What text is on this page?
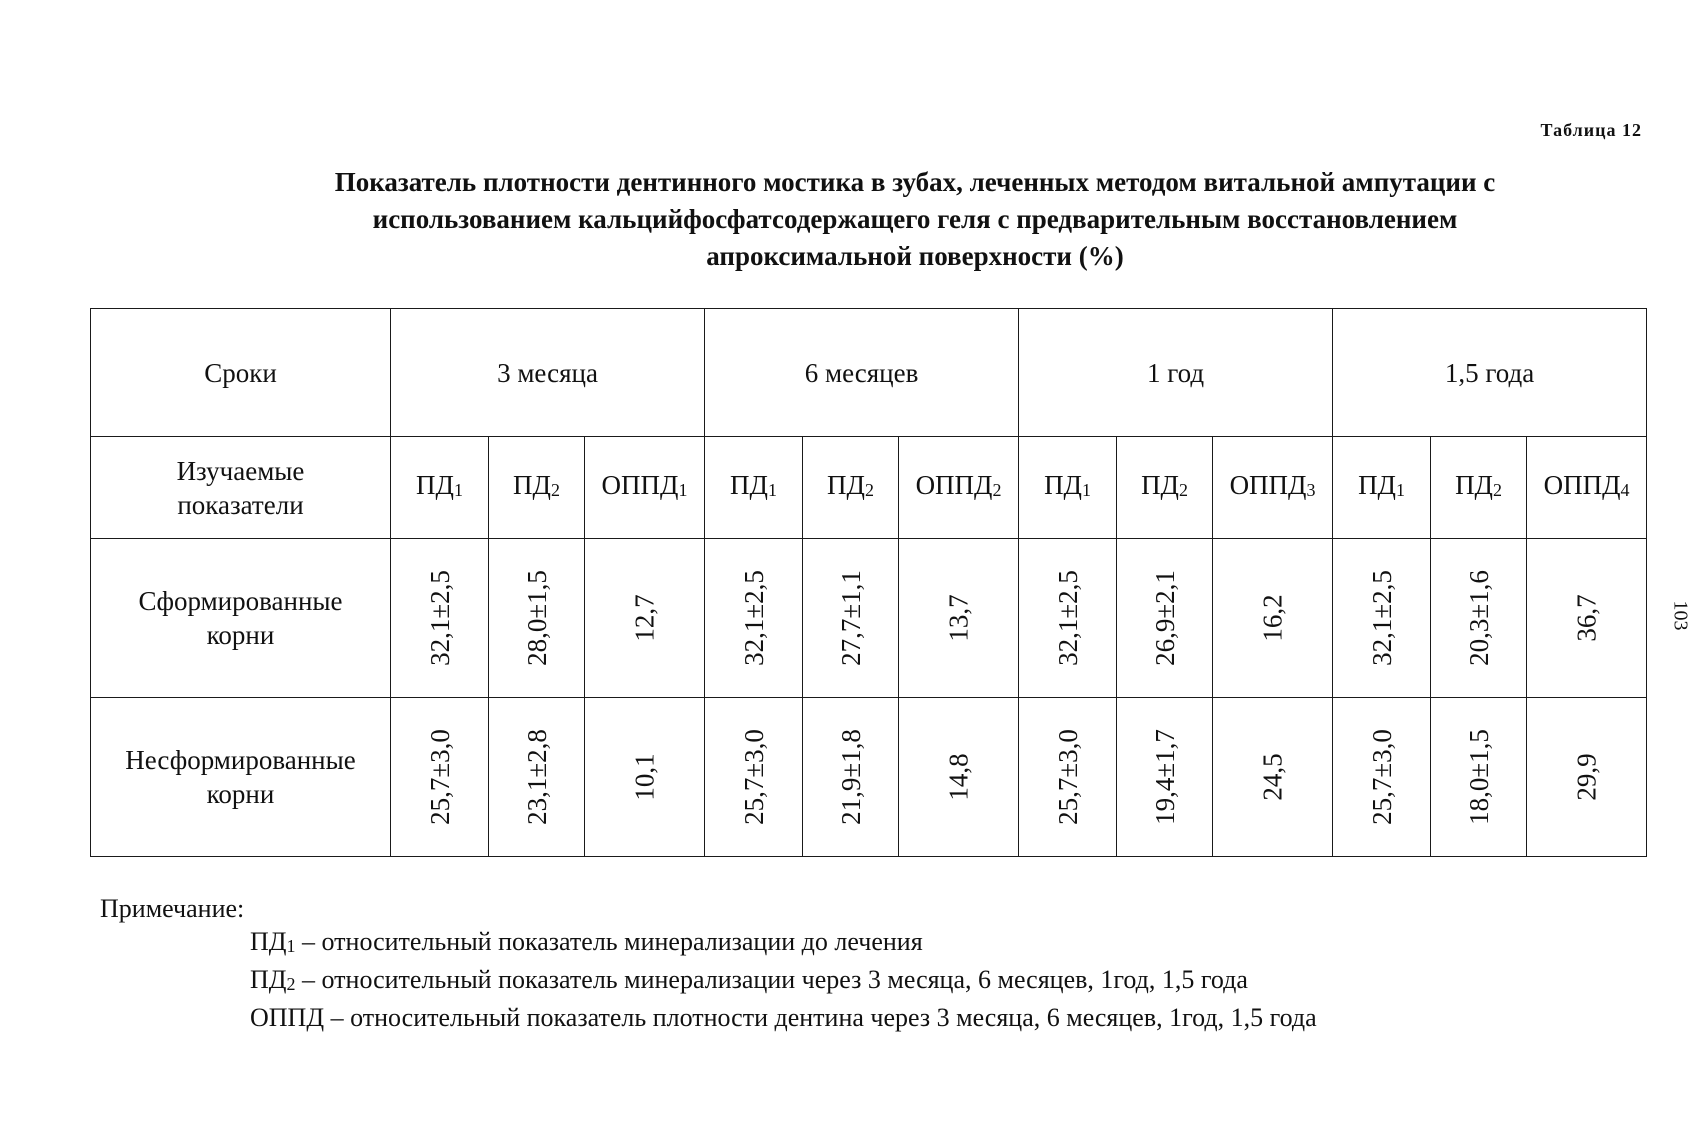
Таблица 12
Показатель плотности дентинного мостика в зубах, леченных методом витальной ампутации с
использованием кальцийфосфатсодержащего геля с предварительным восстановлением
апроксимальной поверхности (%)
Сроки	3 месяца			6 месяцев			1 год			1,5 года		
Изучаемые показатели	$ПД_1$	$ПД_2$	$ОППД_1$	$ПД_1$	$ПД_2$	$ОППД_2$	$ПД_1$	$ПД_2$	$ОППД_3$	$ПД_1$	$ПД_2$	$ОППД_4$
Сформированные корни	32,1±2,5	28,0±1,5	12,7	32,1±2,5	27,7±1,1	13,7	32,1±2,5	26,9±2,1	16,2	32,1±2,5	20,3±1,6	36,7
Несформированные корни	25,7±3,0	23,1±2,8	10,1	25,7±3,0	21,9±1,8	14,8	25,7±3,0	19,4±1,7	24,5	25,7±3,0	18,0±1,5	29,9
103
Примечание:
$ПД_1$ – относительный показатель минерализации до лечения
$ПД_2$ – относительный показатель минерализации через 3 месяца, 6 месяцев, 1год, 1,5 года
ОППД – относительный показатель плотности дентина через 3 месяца, 6 месяцев, 1год, 1,5 года
